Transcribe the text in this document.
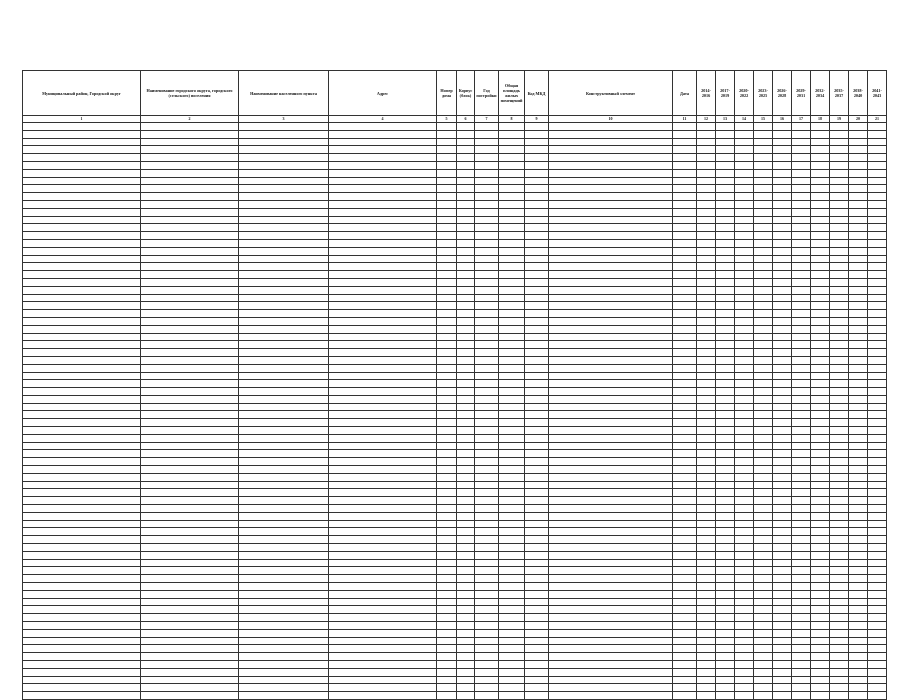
Муниципальный район, Городской округ	Наименование городского округа, городского (сельского) поселения	Наименование населенного пункта	Адрес	Номер дома	Корпус (блок)	Год постройки	Общая площадь жилых помещений	Код МКД	Конструктивный элемент	Дата	2014-2016	2017-2019	2020-2022	2023-2025	2026-2028	2029-2031	2032-2034	2035-2037	2038-2040	2041-2043
1	2	3	4	5	6	7	8	9	10	11	12	13	14	15	16	17	18	19	20	21
